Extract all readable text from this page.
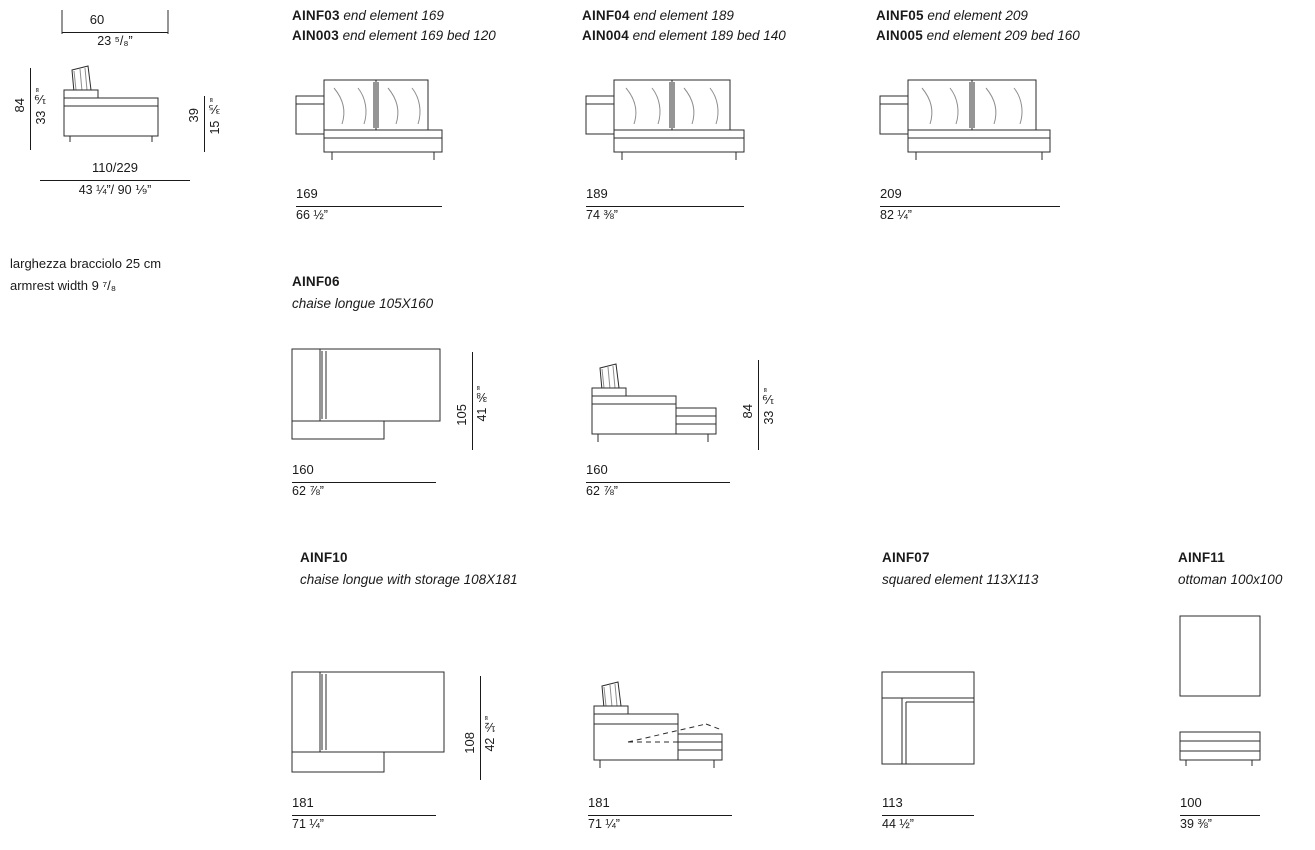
60
23 ⁵/₈”
84 33 ⅑”	39 15 ⅗”
110/229
43 ¼”/ 90 ⅑”
larghezza bracciolo 25 cm
armrest width 9 ⁷/₈
AINF03 end element 169
AIN003 end element 169 bed 120
169
66 ½”
AINF04 end element 189
AIN004 end element 189 bed 140
189
74 ⅜”
AINF05 end element 209
AIN005 end element 209 bed 160
209
82 ¼”
AINF06
chaise longue 105X160
105 41 ⅜”
160
62 ⅞”
84 33 ⅑”
160
62 ⅞”
AINF10
chaise longue with storage 108X181
108 42 ½”
181
71 ¼”
181
71 ¼”
AINF07
squared element 113X113
113
44 ½”
AINF11
ottoman 100x100
100
39 ⅜”
